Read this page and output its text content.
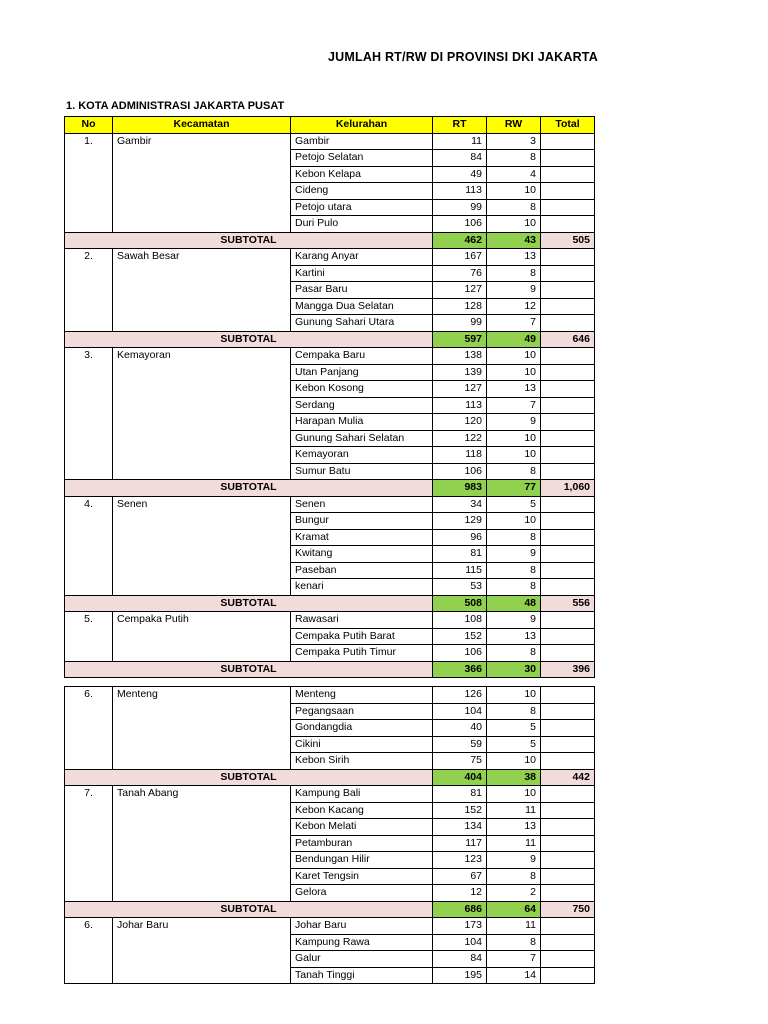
JUMLAH RT/RW DI PROVINSI DKI JAKARTA
1. KOTA ADMINISTRASI JAKARTA PUSAT
No	Kecamatan	Kelurahan	RT	RW	Total
1.	Gambir	Gambir	11	3	
		Petojo Selatan	84	8	
		Kebon Kelapa	49	4	
		Cideng	113	10	
		Petojo utara	99	8	
		Duri Pulo	106	10	
SUBTOTAL			462	43	505
2.	Sawah Besar	Karang Anyar	167	13	
		Kartini	76	8	
		Pasar Baru	127	9	
		Mangga Dua Selatan	128	12	
		Gunung Sahari Utara	99	7	
SUBTOTAL			597	49	646
3.	Kemayoran	Cempaka Baru	138	10	
		Utan Panjang	139	10	
		Kebon Kosong	127	13	
		Serdang	113	7	
		Harapan Mulia	120	9	
		Gunung Sahari Selatan	122	10	
		Kemayoran	118	10	
		Sumur Batu	106	8	
SUBTOTAL			983	77	1,060
4.	Senen	Senen	34	5	
		Bungur	129	10	
		Kramat	96	8	
		Kwitang	81	9	
		Paseban	115	8	
		kenari	53	8	
SUBTOTAL			508	48	556
5.	Cempaka Putih	Rawasari	108	9	
		Cempaka Putih Barat	152	13	
		Cempaka Putih Timur	106	8	
SUBTOTAL			366	30	396
6.	Menteng	Menteng	126	10	
		Pegangsaan	104	8	
		Gondangdia	40	5	
		Cikini	59	5	
		Kebon Sirih	75	10	
SUBTOTAL			404	38	442
7.	Tanah Abang	Kampung Bali	81	10	
		Kebon Kacang	152	11	
		Kebon Melati	134	13	
		Petamburan	117	11	
		Bendungan Hilir	123	9	
		Karet Tengsin	67	8	
		Gelora	12	2	
SUBTOTAL			686	64	750
6.	Johar Baru	Johar Baru	173	11	
		Kampung Rawa	104	8	
		Galur	84	7	
		Tanah Tinggi	195	14	
